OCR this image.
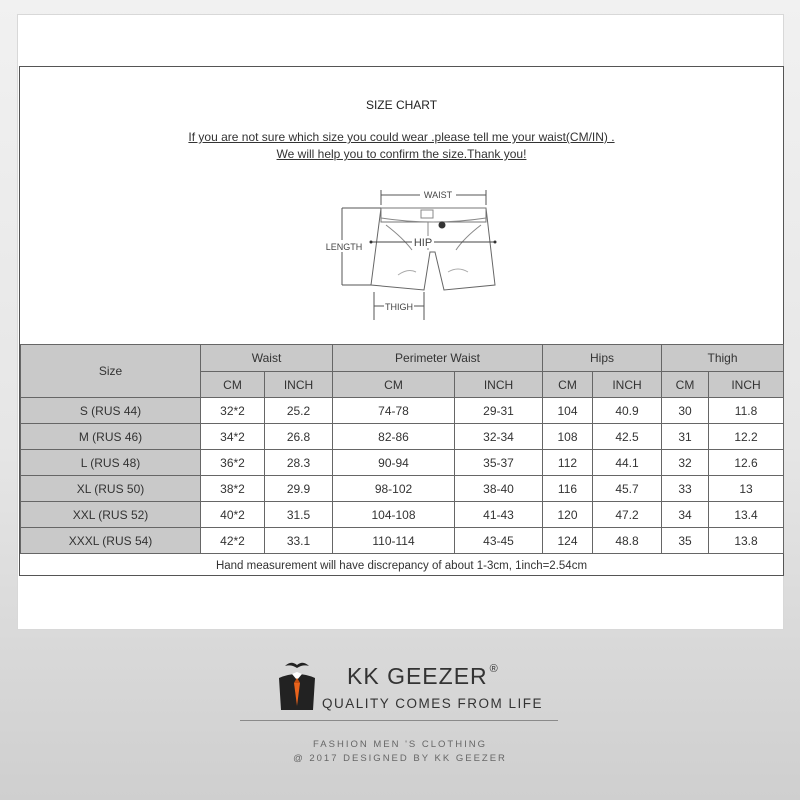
SIZE CHART
If you are not sure which size you could wear .please tell me your waist(CM/IN) .
We will help you to confirm the size.Thank you!
WAIST
HIP
LENGTH
THIGH
Size	Waist		Perimeter Waist		Hips		Thigh	
	CM	INCH	CM	INCH	CM	INCH	CM	INCH
S (RUS 44)	32*2	25.2	74-78	29-31	104	40.9	30	11.8
M (RUS 46)	34*2	26.8	82-86	32-34	108	42.5	31	12.2
L (RUS 48)	36*2	28.3	90-94	35-37	112	44.1	32	12.6
XL (RUS 50)	38*2	29.9	98-102	38-40	116	45.7	33	13
XXL (RUS 52)	40*2	31.5	104-108	41-43	120	47.2	34	13.4
XXXL (RUS 54)	42*2	33.1	110-114	43-45	124	48.8	35	13.8
Hand measurement will have discrepancy of about 1-3cm, 1inch=2.54cm
KK GEEZER ®
QUALITY COMES FROM LIFE
FASHION MEN 'S CLOTHING
@ 2017 DESIGNED BY KK GEEZER
